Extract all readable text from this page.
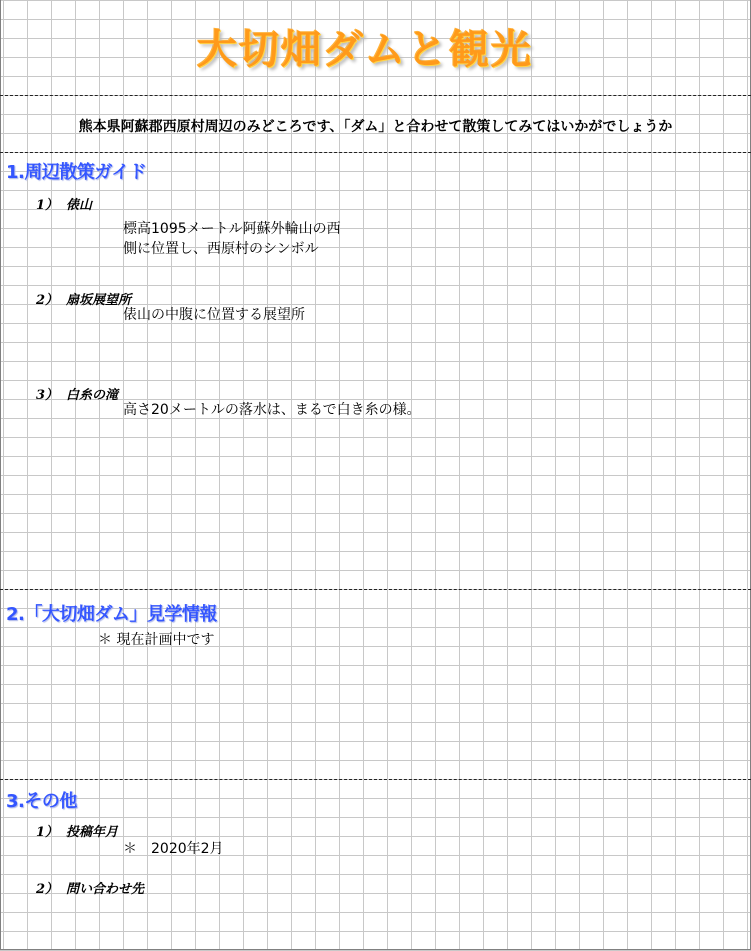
大切畑ダムと観光
熊本県阿蘇郡西原村周辺のみどころです、「ダム」と合わせて散策してみてはいかがでしょうか
1.周辺散策ガイド
1） 俵山
標高1095メートル阿蘇外輪山の西
側に位置し、西原村のシンボル
2） 扇坂展望所
俵山の中腹に位置する展望所
3） 白糸の滝
高さ20メートルの落水は、まるで白き糸の様。
2.「大切畑ダム」見学情報
＊ 現在計画中です
3.その他
1） 投稿年月
＊　2020年2月
2） 問い合わせ先
